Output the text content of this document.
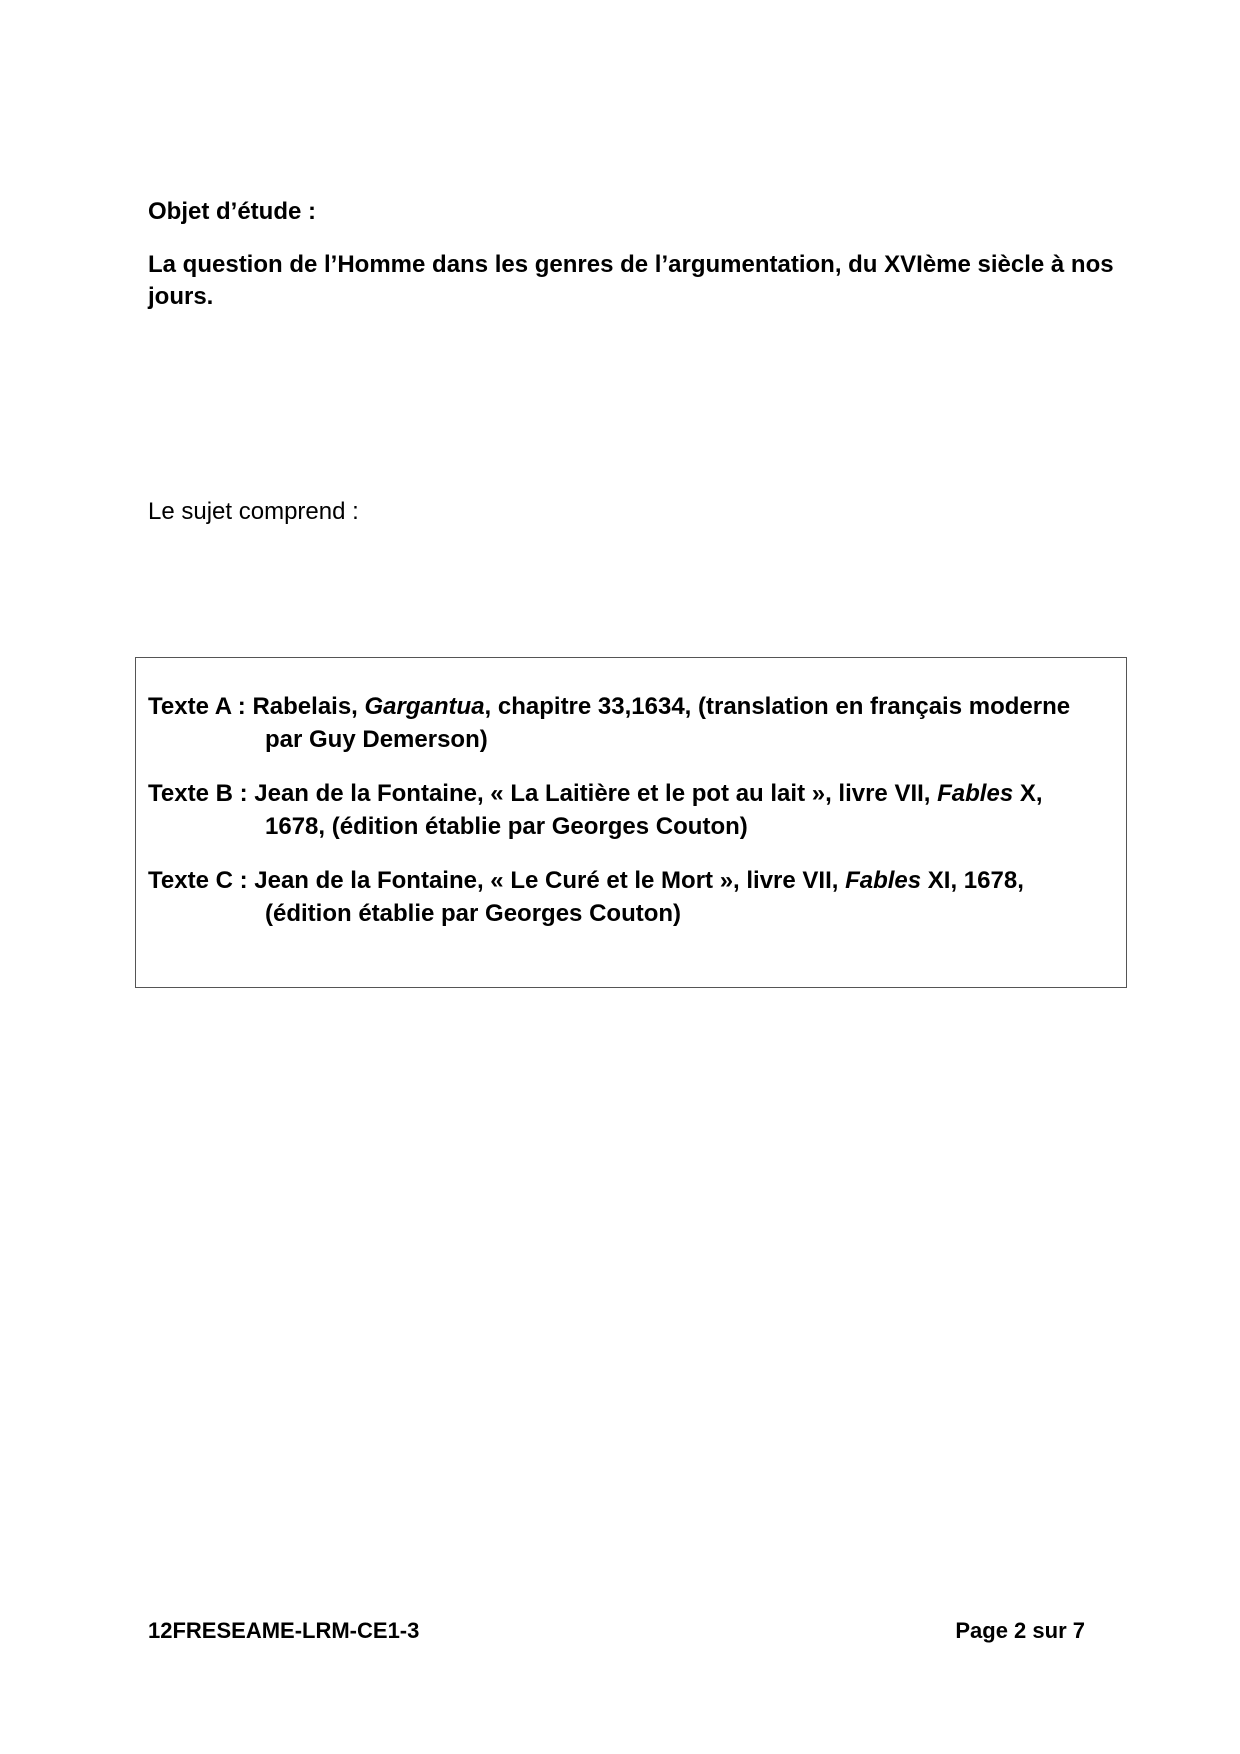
Objet d’étude :
La question de l’Homme dans les genres de l’argumentation, du XVIème siècle à nos jours.
Le sujet comprend :
Texte A : Rabelais, Gargantua, chapitre 33,1634, (translation en français moderne
par Guy Demerson)
Texte B : Jean de la Fontaine, « La Laitière et le pot au lait », livre VII, Fables X,
1678, (édition établie par Georges Couton)
Texte C : Jean de la Fontaine, « Le Curé et le Mort », livre VII, Fables XI, 1678,
(édition établie par Georges Couton)
12FRESEAME-LRM-CE1-3	Page 2 sur 7
